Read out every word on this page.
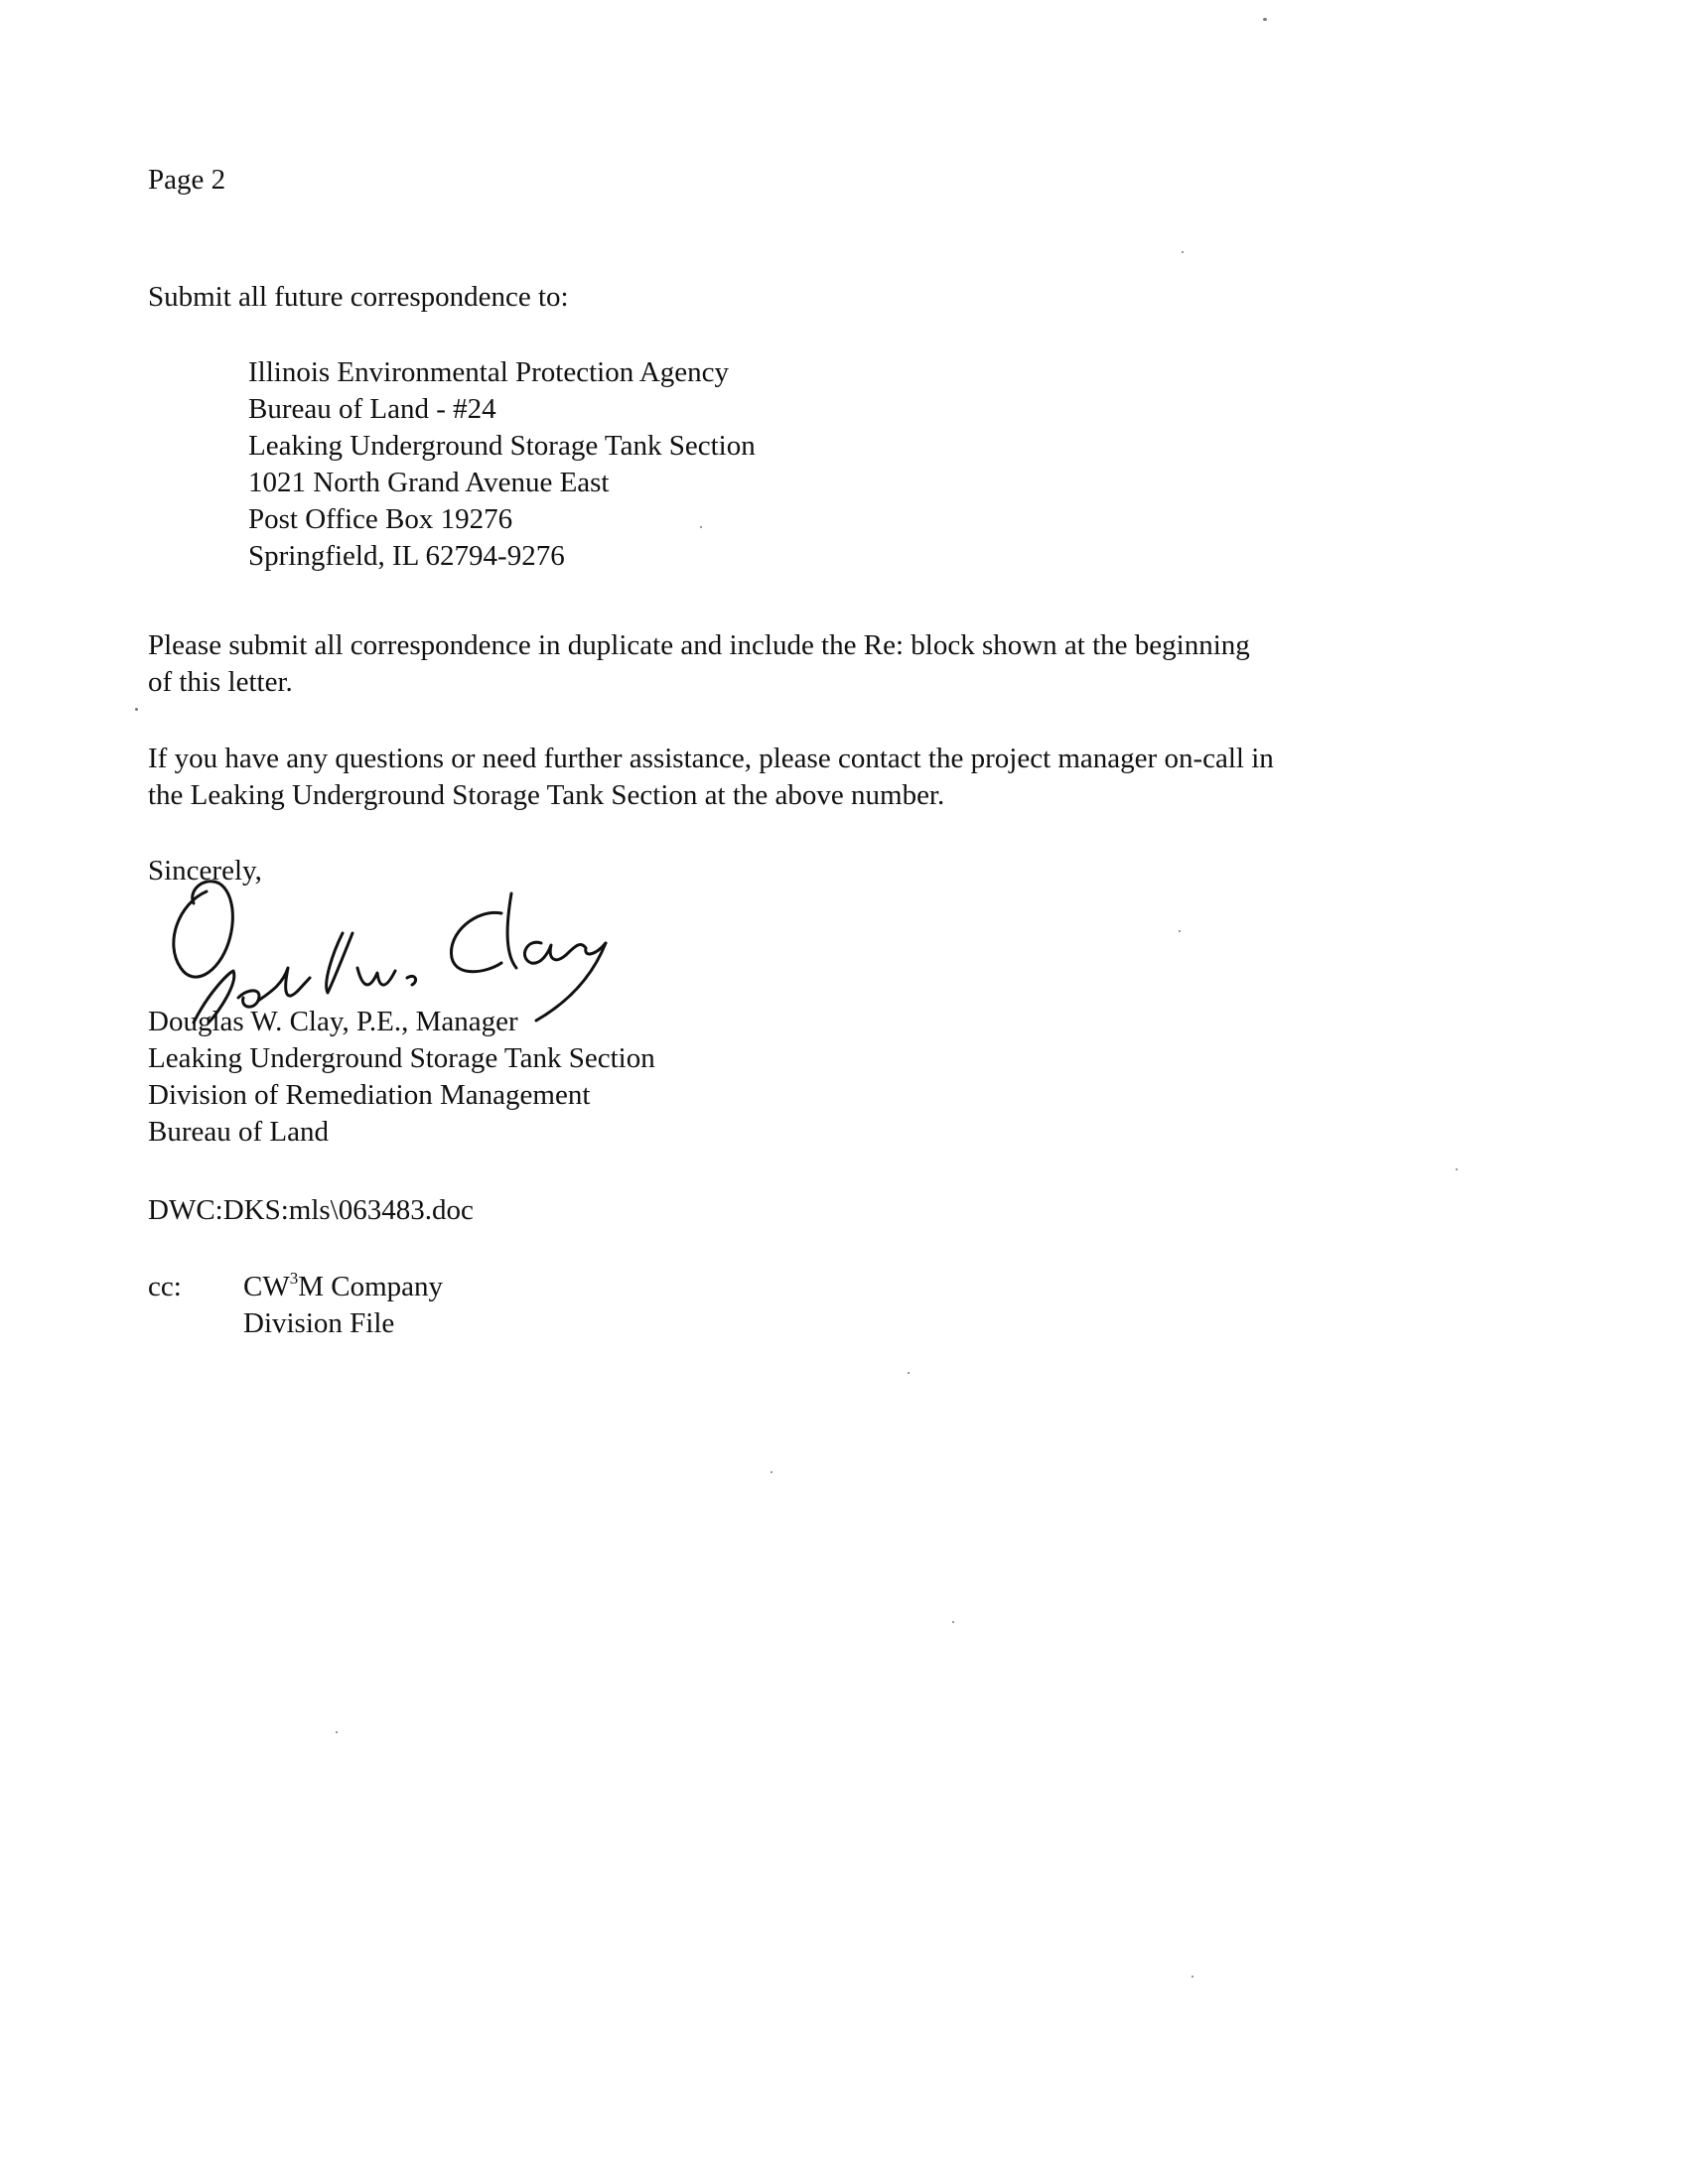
Page 2
Submit all future correspondence to:
Illinois Environmental Protection Agency
Bureau of Land - #24
Leaking Underground Storage Tank Section
1021 North Grand Avenue East
Post Office Box 19276
Springfield, IL 62794-9276
Please submit all correspondence in duplicate and include the Re: block shown at the beginning
of this letter.
If you have any questions or need further assistance, please contact the project manager on-call in
the Leaking Underground Storage Tank Section at the above number.
Sincerely,
Douglas W. Clay, P.E., Manager
Leaking Underground Storage Tank Section
Division of Remediation Management
Bureau of Land
DWC:DKS:mls\063483.doc
cc: $CW^3M$ Company
Division File
